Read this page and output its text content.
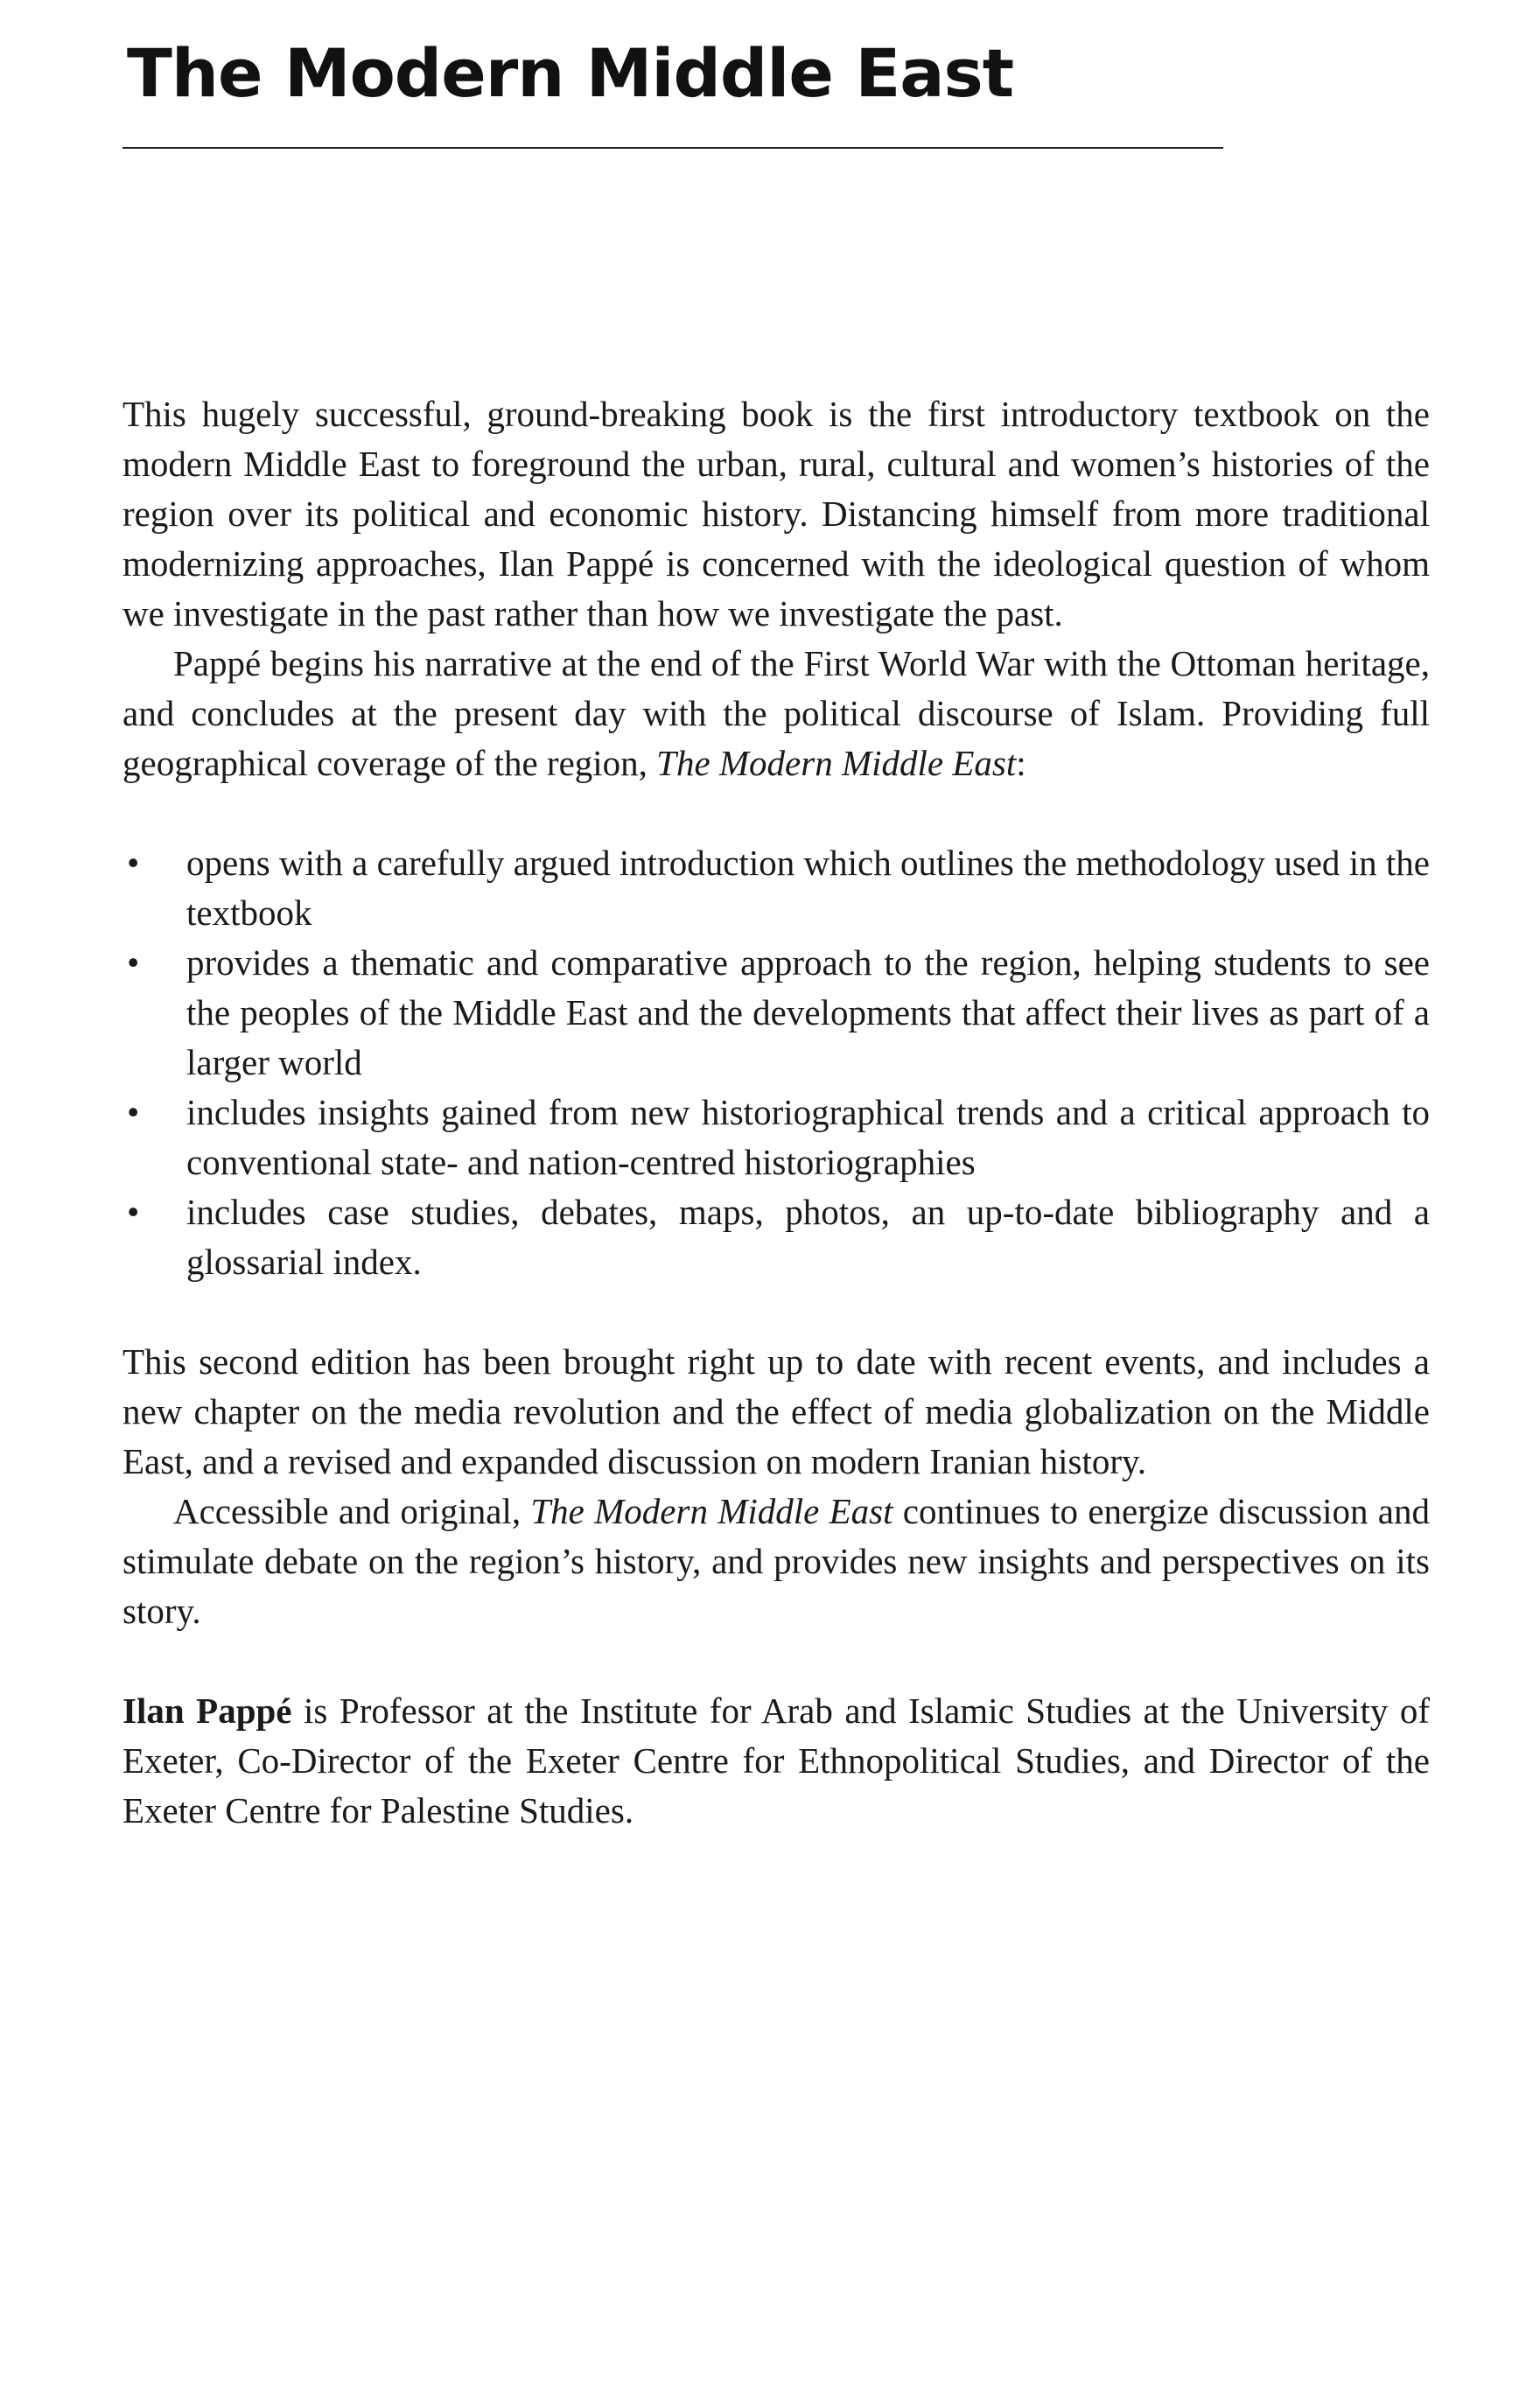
The Modern Middle East

This hugely successful, ground-breaking book is the first introductory textbook on the modern Middle East to foreground the urban, rural, cultural and women’s histories of the region over its political and economic history. Distancing himself from more traditional modernizing approaches, Ilan Pappé is concerned with the ideological question of whom we investigate in the past rather than how we investigate the past.

Pappé begins his narrative at the end of the First World War with the Ottoman heritage, and concludes at the present day with the political discourse of Islam. Providing full geographical coverage of the region, The Modern Middle East:

• opens with a carefully argued introduction which outlines the methodology used in the textbook
• provides a thematic and comparative approach to the region, helping students to see the peoples of the Middle East and the developments that affect their lives as part of a larger world
• includes insights gained from new historiographical trends and a critical approach to conventional state- and nation-centred historiographies
• includes case studies, debates, maps, photos, an up-to-date bibliography and a glossarial index.

This second edition has been brought right up to date with recent events, and includes a new chapter on the media revolution and the effect of media globalization on the Middle East, and a revised and expanded discussion on modern Iranian history.

Accessible and original, The Modern Middle East continues to energize discussion and stimulate debate on the region’s history, and provides new insights and perspectives on its story.

Ilan Pappé is Professor at the Institute for Arab and Islamic Studies at the University of Exeter, Co-Director of the Exeter Centre for Ethnopolitical Studies, and Director of the Exeter Centre for Palestine Studies.
